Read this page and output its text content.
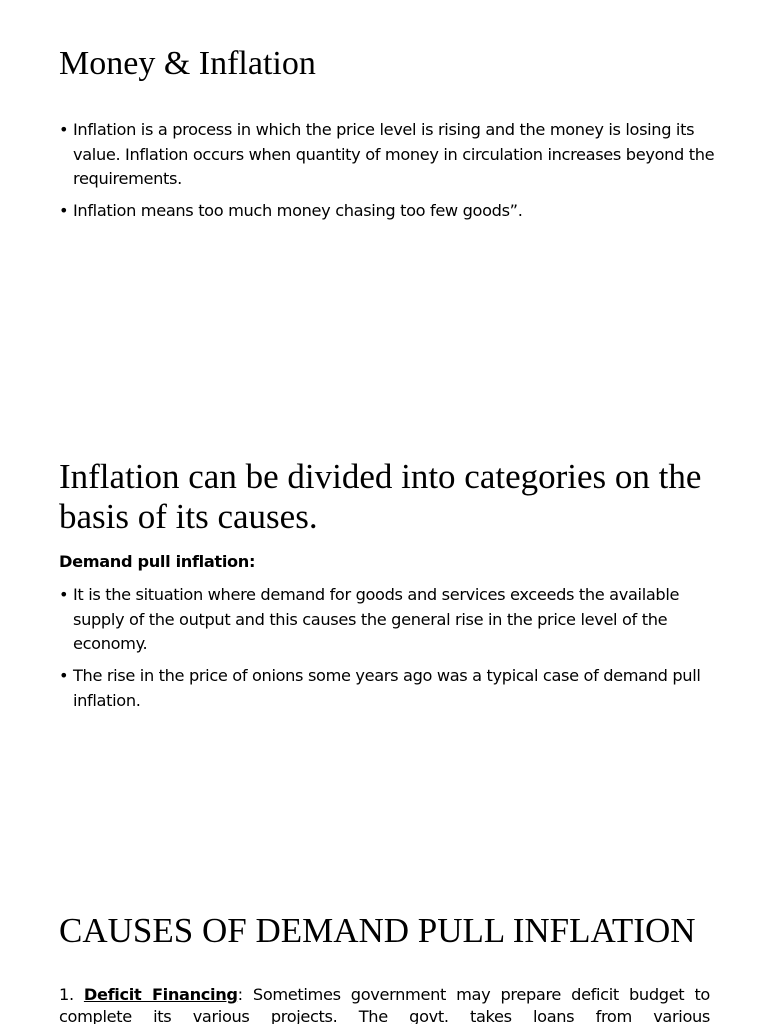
Money & Inflation
• Inflation is a process in which the price level is rising and the money is losing its value. Inflation occurs when quantity of money in circulation increases beyond the requirements.
• Inflation means too much money chasing too few goods”.
Inflation can be divided into categories on the basis of its causes.

Demand pull inflation:

• It is the situation where demand for goods and services exceeds the available supply of the output and this causes the general rise in the price level of the economy.
• The rise in the price of onions some years ago was a typical case of demand pull inflation.
CAUSES OF DEMAND PULL INFLATION

1. Deficit Financing: Sometimes government may prepare deficit budget to complete its various projects. The govt. takes loans from various
